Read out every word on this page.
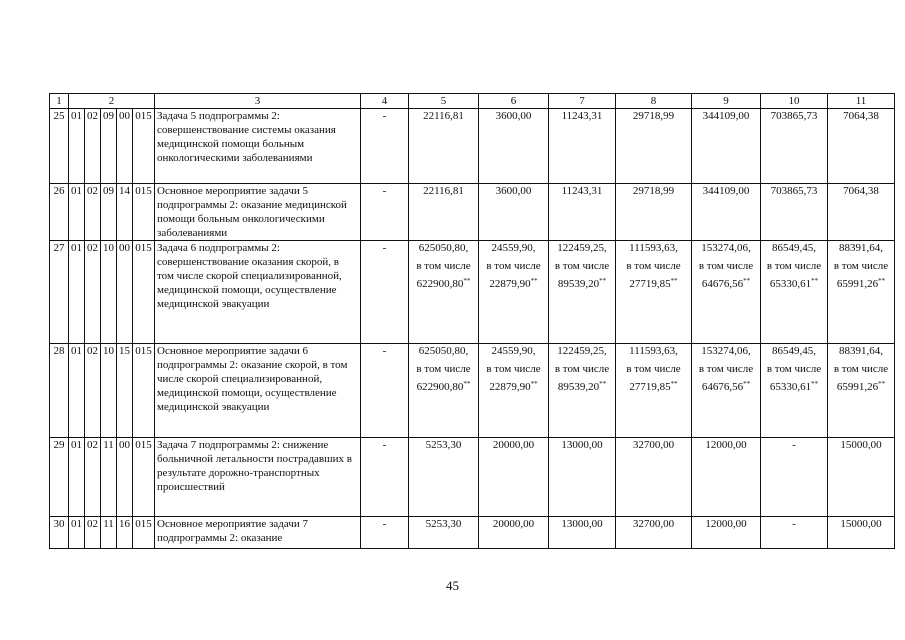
1	2					3	4	5	6	7	8	9	10	11
25	01	02	09	00	015	Задача 5 подпрограммы 2: совершенствование системы оказания медицинской помощи больным онкологическими заболеваниями	-	22116,81	3600,00	11243,31	29718,99	344109,00	703865,73	7064,38

26	01	02	09	14	015	Основное мероприятие задачи 5 подпрограммы 2: оказание медицинской помощи больным онкологическими заболеваниями	-	22116,81	3600,00	11243,31	29718,99	344109,00	703865,73	7064,38

27	01	02	10	00	015	Задача 6 подпрограммы 2: совершенствование оказания скорой, в том числе скорой специализированной, медицинской помощи, осуществление медицинской эвакуации	-	625050,80,
в том числе
622900,80**	24559,90,
в том числе
22879,90**	122459,25,
в том числе
89539,20**	111593,63,
в том числе
27719,85**	153274,06,
в том числе
64676,56**	86549,45,
в том числе
65330,61**	88391,64,
в том числе
65991,26**

28	01	02	10	15	015	Основное мероприятие задачи 6 подпрограммы 2: оказание скорой, в том числе скорой специализированной, медицинской помощи, осуществление медицинской эвакуации	-	625050,80,
в том числе
622900,80**	24559,90,
в том числе
22879,90**	122459,25,
в том числе
89539,20**	111593,63,
в том числе
27719,85**	153274,06,
в том числе
64676,56**	86549,45,
в том числе
65330,61**	88391,64,
в том числе
65991,26**

29	01	02	11	00	015	Задача 7 подпрограммы 2: снижение больничной летальности пострадавших в результате дорожно-транспортных происшествий	-	5253,30	20000,00	13000,00	32700,00	12000,00	-	15000,00

30	01	02	11	16	015	Основное мероприятие задачи 7 подпрограммы 2: оказание	-	5253,30	20000,00	13000,00	32700,00	12000,00	-	15000,00
45
